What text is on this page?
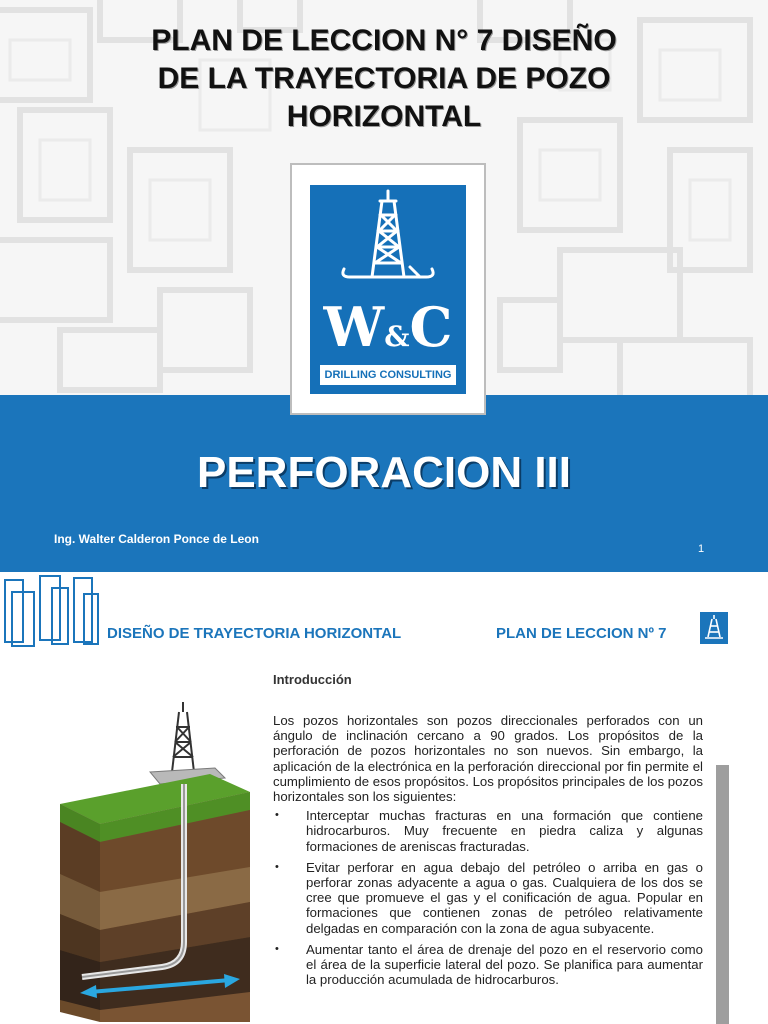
PLAN DE LECCION N° 7 DISEÑO
DE LA TRAYECTORIA DE POZO
HORIZONTAL
W&C
DRILLING CONSULTING
PERFORACION III
Ing. Walter Calderon Ponce de Leon
1
DISEÑO DE TRAYECTORIA HORIZONTAL	PLAN DE LECCION Nº 7
Introducción

Los pozos horizontales son pozos direccionales perforados con un ángulo de inclinación cercano a 90 grados. Los propósitos de la perforación de pozos horizontales no son nuevos. Sin embargo, la aplicación de la electrónica en la perforación direccional por fin permite el cumplimiento de esos propósitos. Los propósitos principales de los pozos horizontales son los siguientes:

• Interceptar muchas fracturas en una formación que contiene hidrocarburos. Muy frecuente en piedra caliza y algunas formaciones de areniscas fracturadas.
• Evitar perforar en agua debajo del petróleo o arriba en gas o perforar zonas adyacente a agua o gas. Cualquiera de los dos se cree que promueve el gas y el conificación de agua. Popular en formaciones que contienen zonas de petróleo relativamente delgadas en comparación con la zona de agua subyacente.
• Aumentar tanto el área de drenaje del pozo en el reservorio como el área de la superficie lateral del pozo. Se planifica para aumentar la producción acumulada de hidrocarburos.
